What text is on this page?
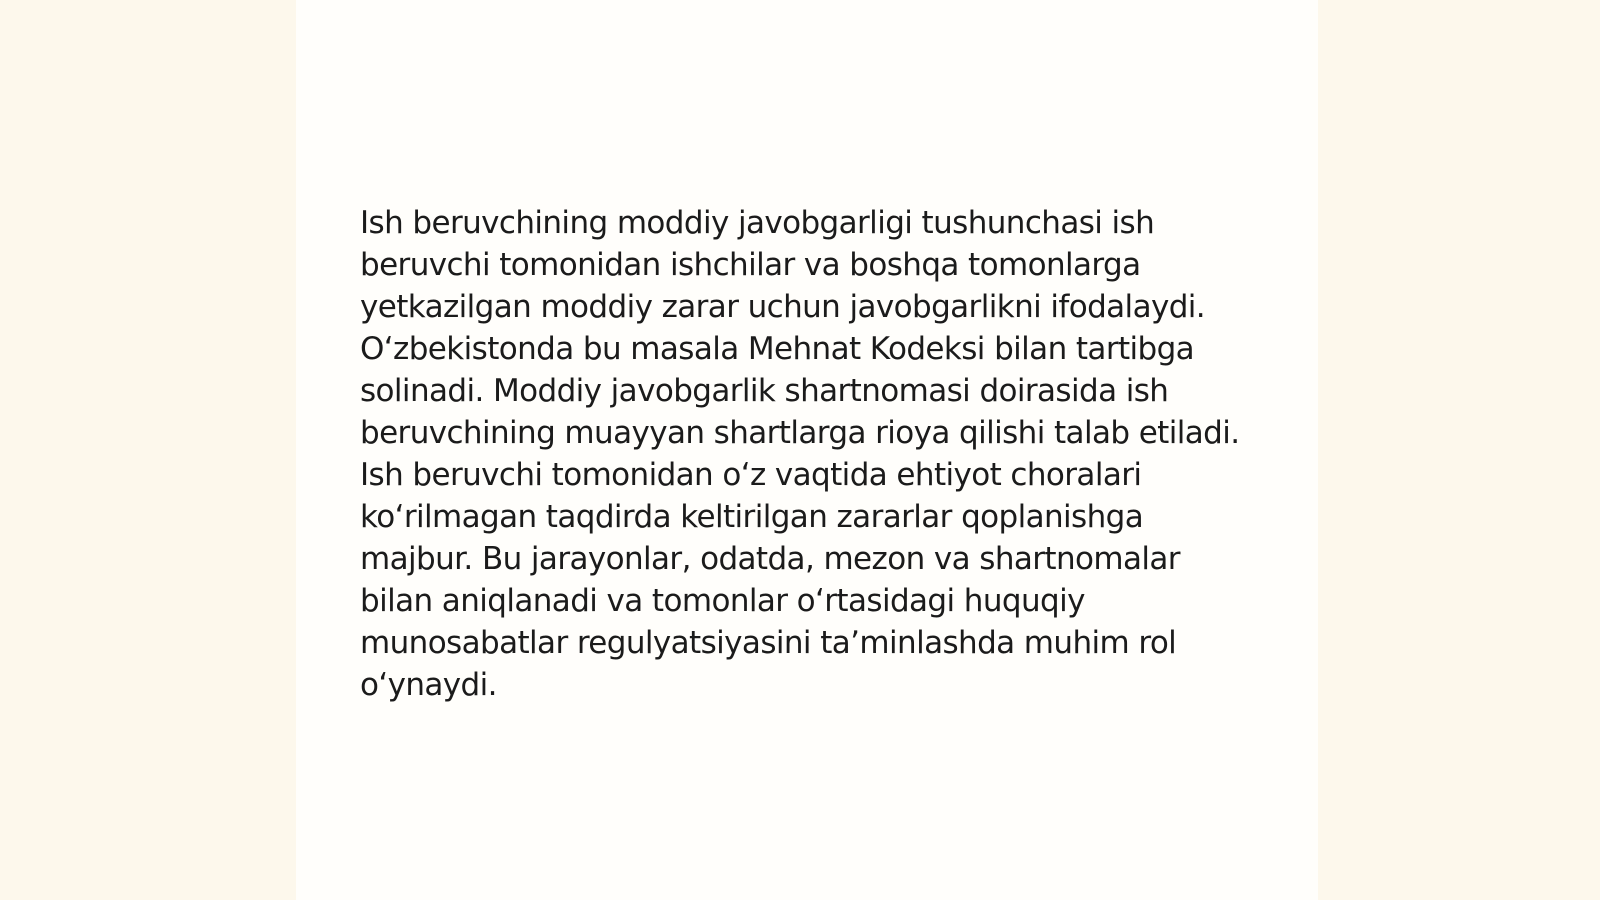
Ish beruvchining moddiy javobgarligi tushunchasi ish beruvchi tomonidan ishchilar va boshqa tomonlarga yetkazilgan moddiy zarar uchun javobgarlikni ifodalaydi. O‘zbekistonda bu masala Mehnat Kodeksi bilan tartibga solinadi. Moddiy javobgarlik shartnomasi doirasida ish beruvchining muayyan shartlarga rioya qilishi talab etiladi. Ish beruvchi tomonidan o‘z vaqtida ehtiyot choralari ko‘rilmagan taqdirda keltirilgan zararlar qoplanishga majbur. Bu jarayonlar, odatda, mezon va shartnomalar bilan aniqlanadi va tomonlar o‘rtasidagi huquqiy munosabatlar regulyatsiyasini ta’minlashda muhim rol o‘ynaydi.
